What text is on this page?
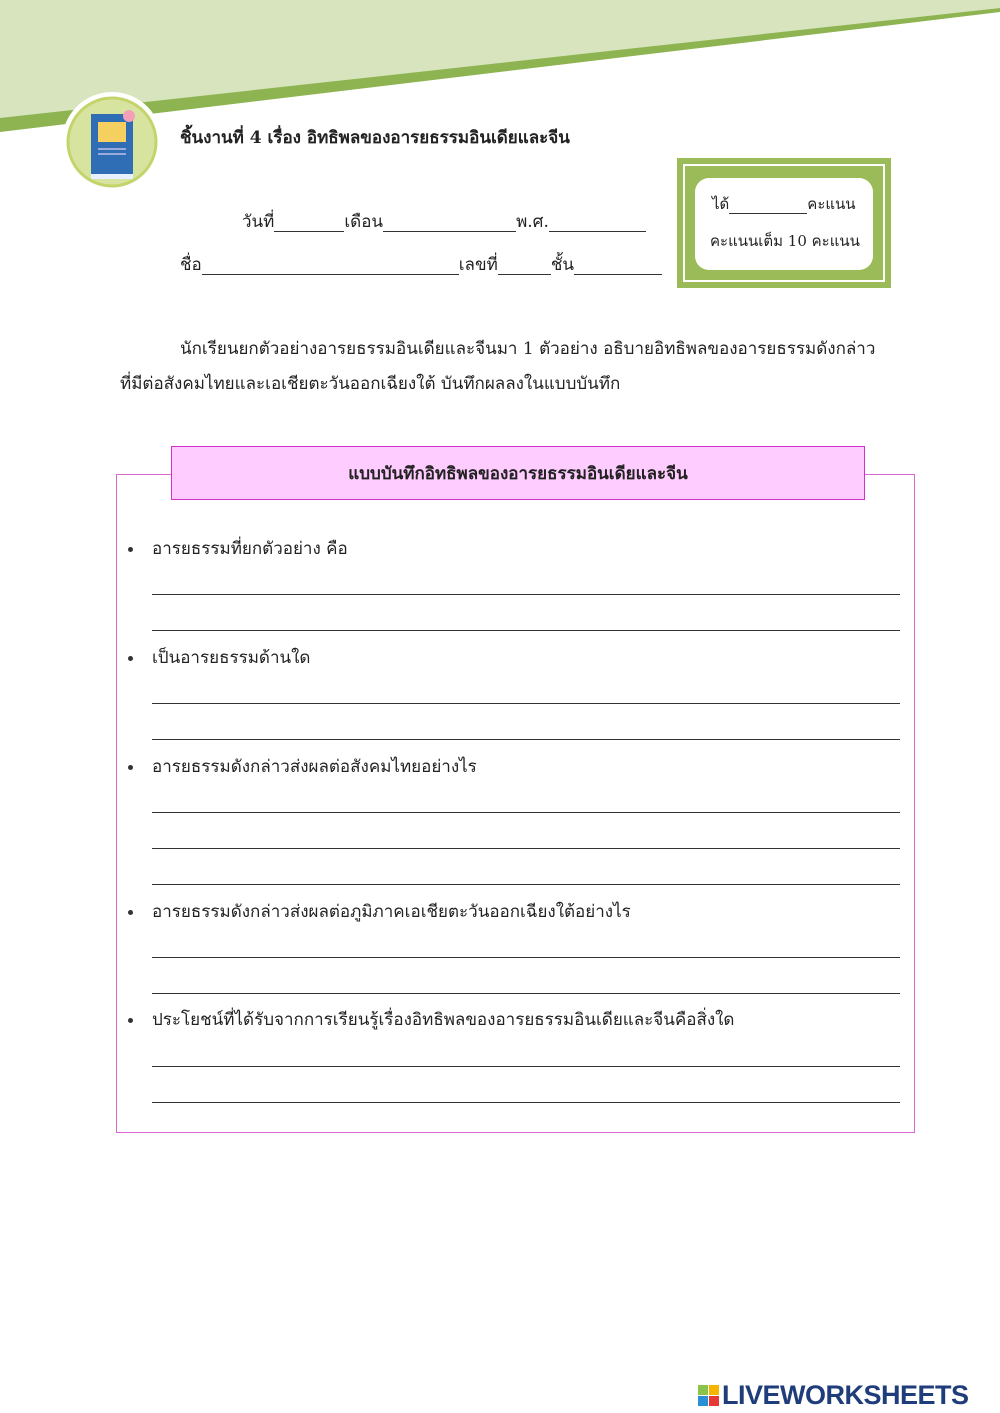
ชิ้นงานที่ 4 เรื่อง อิทธิพลของอารยธรรมอินเดียและจีน
วันที่	เดือน	พ.ศ.
ชื่อ	เลขที่	ชั้น
ได้	คะแนน
คะแนนเต็ม 10 คะแนน
นักเรียนยกตัวอย่างอารยธรรมอินเดียและจีนมา 1 ตัวอย่าง อธิบายอิทธิพลของอารยธรรมดังกล่าว
ที่มีต่อสังคมไทยและเอเชียตะวันออกเฉียงใต้ บันทึกผลลงในแบบบันทึก
แบบบันทึกอิทธิพลของอารยธรรมอินเดียและจีน
อารยธรรมที่ยกตัวอย่าง คือ
เป็นอารยธรรมด้านใด
อารยธรรมดังกล่าวส่งผลต่อสังคมไทยอย่างไร
อารยธรรมดังกล่าวส่งผลต่อภูมิภาคเอเชียตะวันออกเฉียงใต้อย่างไร
ประโยชน์ที่ได้รับจากการเรียนรู้เรื่องอิทธิพลของอารยธรรมอินเดียและจีนคือสิ่งใด
LIVEWORKSHEETS
